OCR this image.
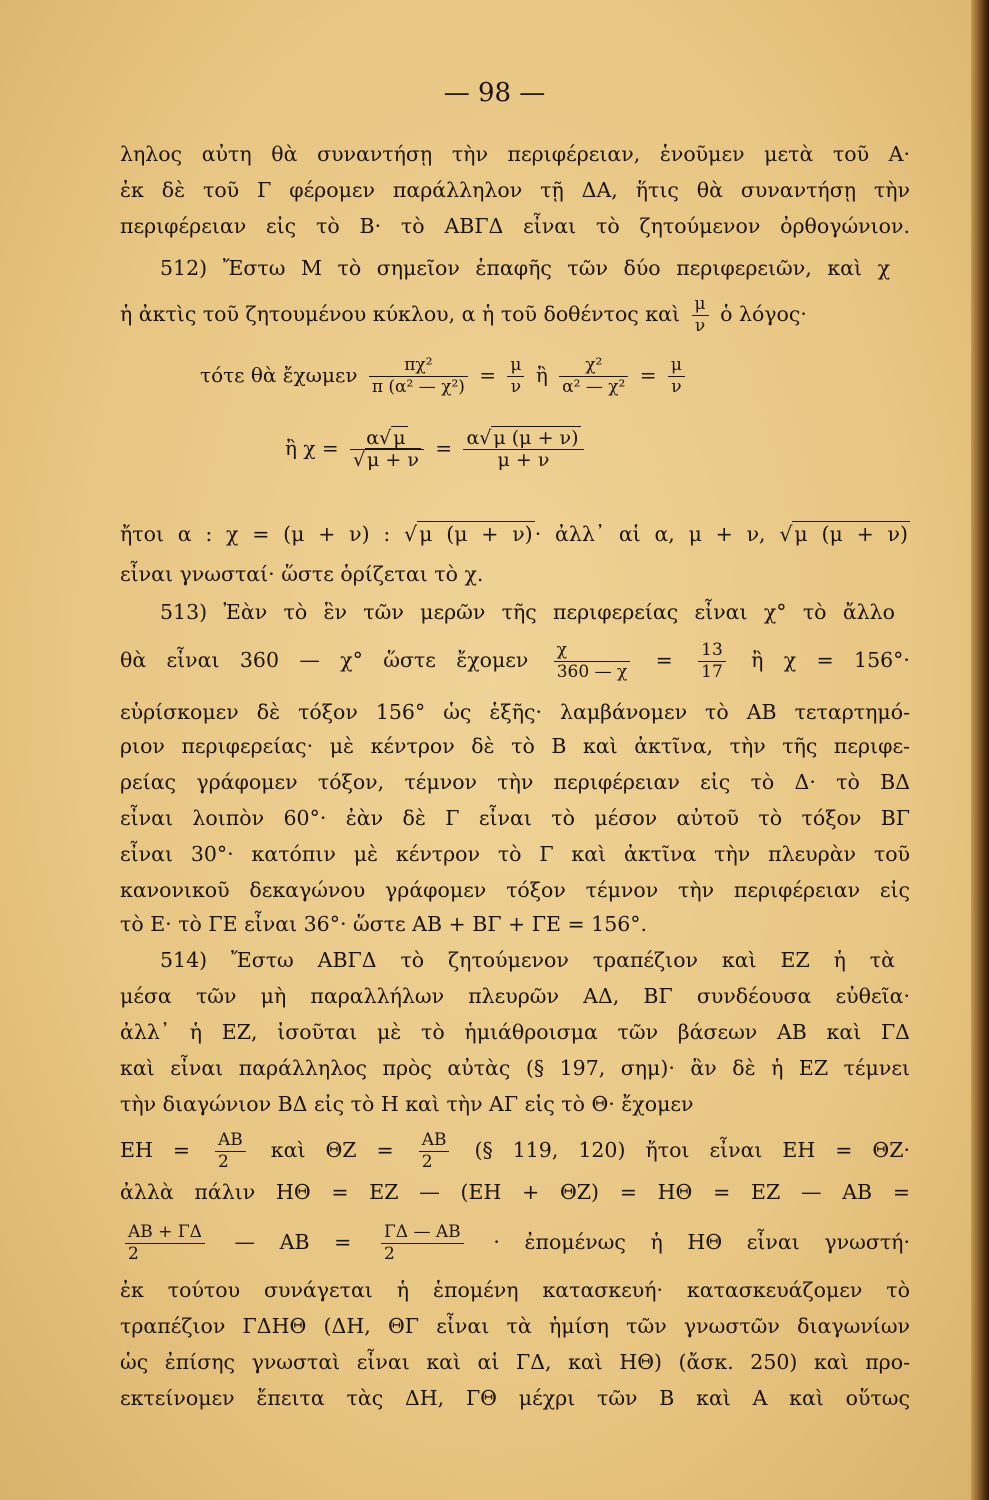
— 98 —
ληλος αὐτη θὰ συναντήσῃ τὴν περιφέρειαν, ἑνοῦμεν μετὰ τοῦ Α·
ἐκ δὲ τοῦ Γ φέρομεν παράλληλον τῇ ΔΑ, ἥτις θὰ συναντήσῃ τὴν
περιφέρειαν εἰς τὸ Β· τὸ ΑΒΓΔ εἶναι τὸ ζητούμενον ὀρθογώνιον.
512) Ἔστω Μ τὸ σημεῖον ἐπαφῆς τῶν δύο περιφερειῶν, καὶ χ
ἡ ἀκτὶς τοῦ ζητουμένου κύκλου, α ἡ τοῦ δοθέντος καὶ $\frac{\mu}{\nu}$ ὁ λόγος·
τότε θὰ ἔχωμεν $\frac{\text{πχ²}}{\text{π (α² — χ²)}} = \frac{\mu}{\nu}$ ἢ $\frac{\text{χ²}}{\text{α² — χ²}} = \frac{\mu}{\nu}$
ἢ $\chi = \frac{\alpha√ \mu}{√ \mu + \nu} = \frac{\alpha√ \mu (\mu + \nu)}{\mu + \nu}$
ἤτοι α : χ = (μ + ν) : √μ (μ + ν)· ἀλλ᾽ αἱ α, μ + ν, √μ (μ + ν)
εἶναι γνωσταί· ὥστε ὁρίζεται τὸ χ.
513) Ἐὰν τὸ ἓν τῶν μερῶν τῆς περιφερείας εἶναι χ° τὸ ἄλλο
θὰ εἶναι 360 — χ° ὥστε ἔχομεν $\frac{\chi}{360 — \chi} = \frac{13}{17}$ ἢ χ = 156°·
εὑρίσκομεν δὲ τόξον 156° ὡς ἑξῆς· λαμβάνομεν τὸ ΑΒ τεταρτημό-
ριον περιφερείας· μὲ κέντρον δὲ τὸ Β καὶ ἀκτῖνα, τὴν τῆς περιφε-
ρείας γράφομεν τόξον, τέμνον τὴν περιφέρειαν εἰς τὸ Δ· τὸ ΒΔ
εἶναι λοιπὸν 60°· ἐὰν δὲ Γ εἶναι τὸ μέσον αὐτοῦ τὸ τόξον ΒΓ
εἶναι 30°· κατόπιν μὲ κέντρον τὸ Γ καὶ ἀκτῖνα τὴν πλευρὰν τοῦ
κανονικοῦ δεκαγώνου γράφομεν τόξον τέμνον τὴν περιφέρειαν εἰς
τὸ Ε· τὸ ΓΕ εἶναι 36°· ὥστε ΑΒ + ΒΓ + ΓΕ = 156°.
514) Ἔστω ΑΒΓΔ τὸ ζητούμενον τραπέζιον καὶ ΕΖ ἡ τὰ
μέσα τῶν μὴ παραλλήλων πλευρῶν ΑΔ, ΒΓ συνδέουσα εὐθεῖα·
ἀλλ᾽ ἡ ΕΖ, ἰσοῦται μὲ τὸ ἡμιάθροισμα τῶν βάσεων ΑΒ καὶ ΓΔ
καὶ εἶναι παράλληλος πρὸς αὐτὰς (§ 197, σημ)· ἂν δὲ ἡ ΕΖ τέμνει
τὴν διαγώνιον ΒΔ εἰς τὸ Η καὶ τὴν ΑΓ εἰς τὸ Θ· ἔχομεν
$EH = \frac{AB}{2}$ καὶ $\Theta Z = \frac{AB}{2}$ (§ 119, 120) ἤτοι εἶναι ΕΗ = ΘΖ·
ἀλλὰ πάλιν ΗΘ = ΕΖ — (ΕΗ + ΘΖ) = ΗΘ = ΕΖ — ΑΒ =
$\frac{AB + \Gamma\Delta}{2}$ — $AB = \frac{\Gamma\Delta — AB}{2}$ · ἐπομένως ἡ ΗΘ εἶναι γνωστή·
ἐκ τούτου συνάγεται ἡ ἑπομένη κατασκευή· κατασκευάζομεν τὸ
τραπέζιον ΓΔΗΘ (ΔΗ, ΘΓ εἶναι τὰ ἡμίση τῶν γνωστῶν διαγωνίων
ὡς ἐπίσης γνωσταὶ εἶναι καὶ αἱ ΓΔ, καὶ ΗΘ) (ἄσκ. 250) καὶ προ-
εκτείνομεν ἔπειτα τὰς ΔΗ, ΓΘ μέχρι τῶν Β καὶ Α καὶ οὕτως
